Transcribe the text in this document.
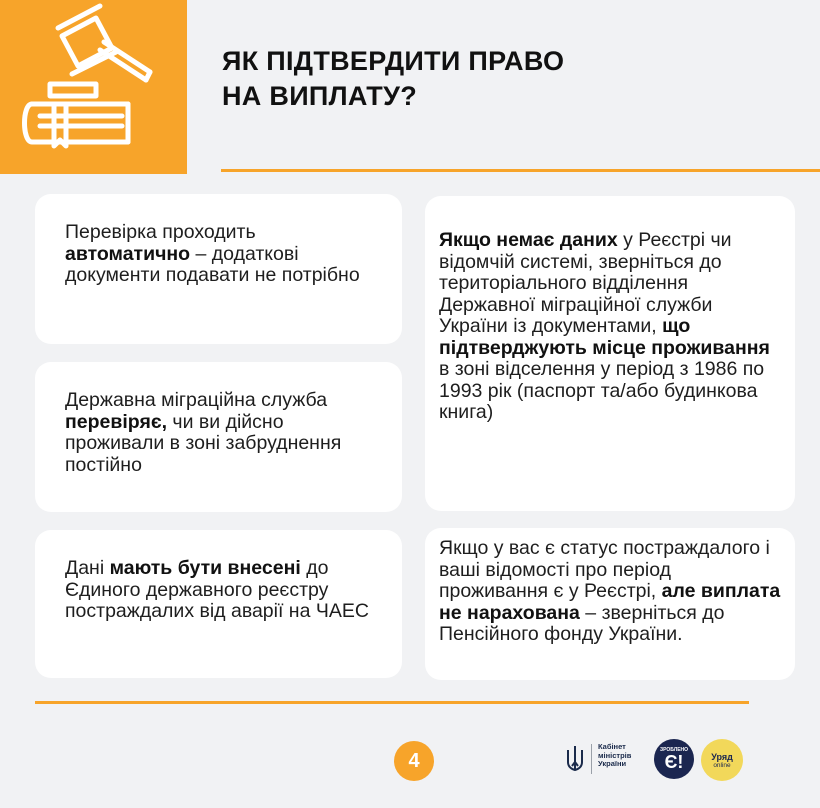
ЯК ПІДТВЕРДИТИ ПРАВО
НА ВИПЛАТУ?

Перевірка проходить автоматично – додаткові документи подавати не потрібно

Державна міграційна служба перевіряє, чи ви дійсно проживали в зоні забруднення постійно

Дані мають бути внесені до Єдиного державного реєстру постраждалих від аварії на ЧАЕС

Якщо немає даних у Реєстрі чи відомчій системі, зверніться до територіального відділення Державної міграційної служби України із документами, що підтверджують місце проживання в зоні відселення у період з 1986 по 1993 рік (паспорт та/або будинкова книга)

Якщо у вас є статус постраждалого і ваші відомості про період проживання є у Реєстрі, але виплата не нарахована – зверніться до Пенсійного фонду України.

4
Кабінет
міністрів
України
ЗРОБЛЕНО
Є!	Уряд
online
